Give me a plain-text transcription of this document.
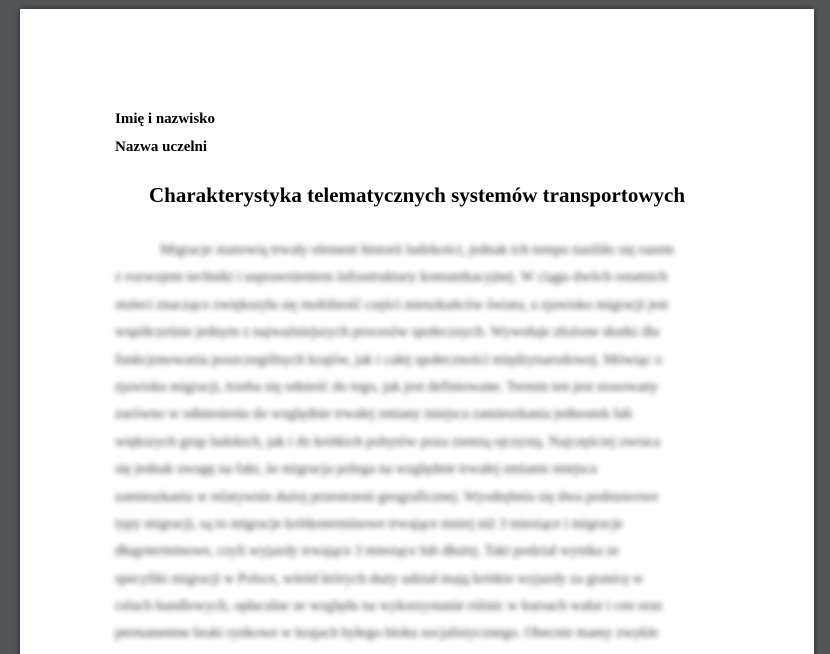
Imię i nazwisko
Nazwa uczelni
Charakterystyka telematycznych systemów transportowych
Migracje stanowią trwały element historii ludzkości, jednak ich tempo nasiliło się razem
z rozwojem techniki i usprawnieniem infrastruktury komunikacyjnej. W ciągu dwóch ostatnich
stuleci znacząco zwiększyła się mobilność części mieszkańców świata, a zjawisko migracji jest
współcześnie jednym z najważniejszych procesów społecznych. Wywołuje złożone skutki dla
funkcjonowania poszczególnych krajów, jak i całej społeczności międzynarodowej. Mówiąc o
zjawisku migracji, trzeba się odnieść do tego, jak jest definiowane. Termin ten jest stosowany
zarówno w odniesieniu do względnie trwałej zmiany miejsca zamieszkania jednostek lub
większych grup ludzkich, jak i do krótkich pobytów poza ziemią ojczystą. Najczęściej zwraca
się jednak uwagę na fakt, że migracja polega na względnie trwałej zmianie miejsca
zamieszkania w relatywnie dużej przestrzeni geograficznej. Wyodrębnia się dwa podstawowe
typy migracji, są to migracje krótkoterminowe trwające mniej niż 3 miesiące i migracje
długoterminowe, czyli wyjazdy trwające 3 miesiące lub dłużej. Taki podział wynika ze
specyfiki migracji w Polsce, wśród których duży udział mają krótkie wyjazdy za granicę w
celach handlowych, opłacalne ze względu na wykorzystanie różnic w kursach walut i cen oraz
permanentne braki rynkowe w krajach byłego bloku socjalistycznego. Obecnie mamy zwykle
